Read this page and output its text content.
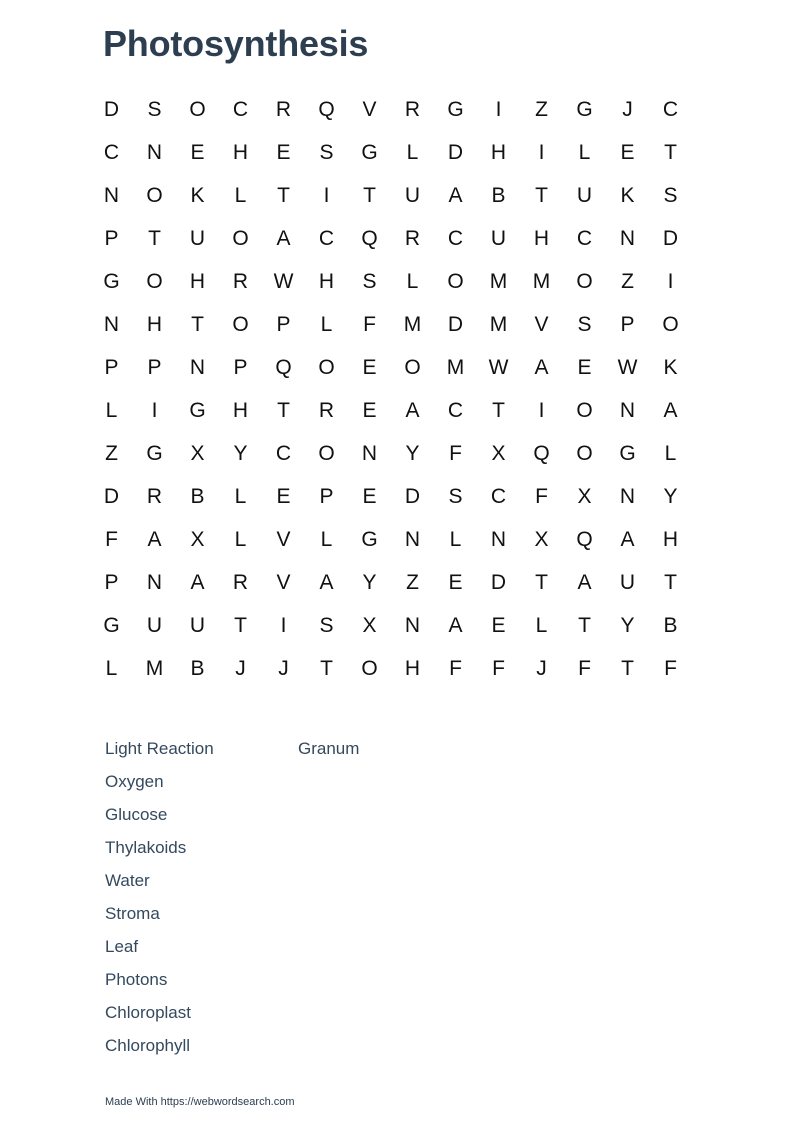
Photosynthesis
D	S	O	C	R	Q	V	R	G	I	Z	G	J	C
C	N	E	H	E	S	G	L	D	H	I	L	E	T
N	O	K	L	T	I	T	U	A	B	T	U	K	S
P	T	U	O	A	C	Q	R	C	U	H	C	N	D
G	O	H	R	W	H	S	L	O	M	M	O	Z	I
N	H	T	O	P	L	F	M	D	M	V	S	P	O
P	P	N	P	Q	O	E	O	M	W	A	E	W	K
L	I	G	H	T	R	E	A	C	T	I	O	N	A
Z	G	X	Y	C	O	N	Y	F	X	Q	O	G	L
D	R	B	L	E	P	E	D	S	C	F	X	N	Y
F	A	X	L	V	L	G	N	L	N	X	Q	A	H
P	N	A	R	V	A	Y	Z	E	D	T	A	U	T
G	U	U	T	I	S	X	N	A	E	L	T	Y	B
L	M	B	J	J	T	O	H	F	F	J	F	T	F
Light Reaction
Oxygen
Glucose
Thylakoids
Water
Stroma
Leaf
Photons
Chloroplast
Chlorophyll
Granum
Made With https://webwordsearch.com
